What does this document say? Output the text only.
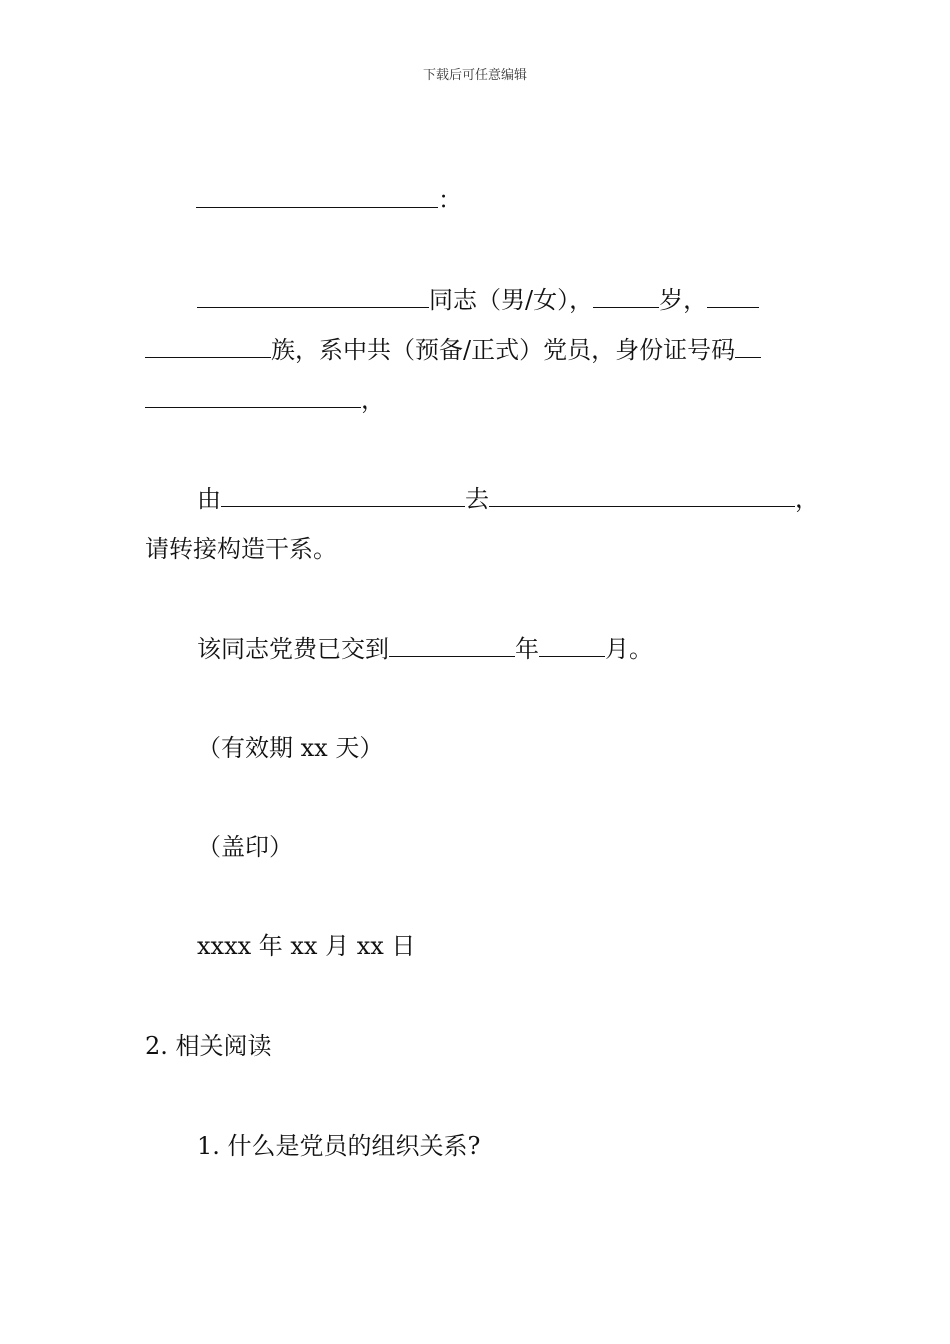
下载后可任意编辑
：
同志（男/女），	岁，
族，系中共（预备/正式）党员，身份证号码
，
由	去	，
请转接构造干系。
该同志党费已交到	年	月。
（有效期 xx 天）
（盖印）
xxxx 年 xx 月 xx 日
2. 相关阅读
1. 什么是党员的组织关系?
